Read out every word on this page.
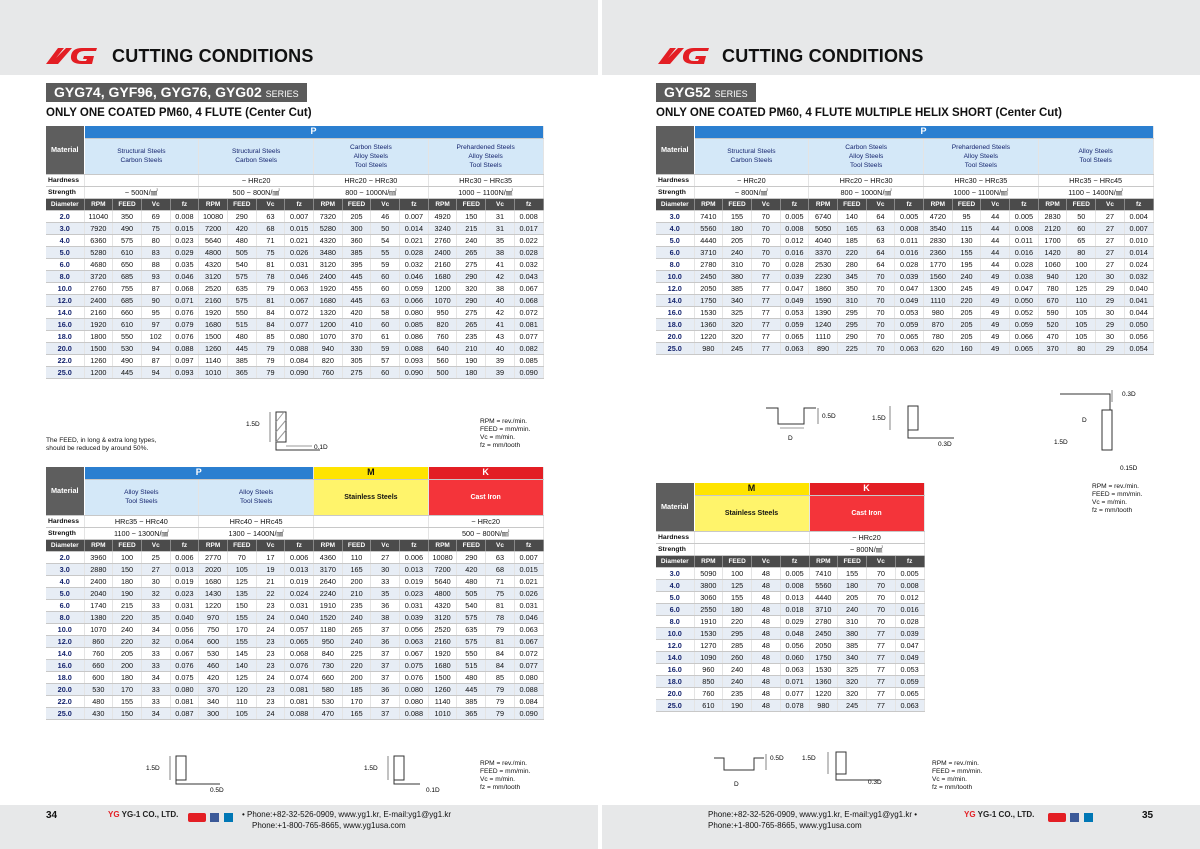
CUTTING CONDITIONS	CUTTING CONDITIONS
GYG74, GYF96, GYG76, GYG02 SERIES
ONLY ONE COATED PM60, 4 FLUTE (Center Cut)
Material	P															
	Structural Steels
Carbon Steels				Structural Steels
Carbon Steels				Carbon Steels
Alloy Steels
Tool Steels				Prehardened Steels
Alloy Steels
Tool Steels			
Hardness					~ HRc20				HRc20 ~ HRc30				HRc30 ~ HRc35			
Strength	~ 500N/㎟				500 ~ 800N/㎟				800 ~ 1000N/㎟				1000 ~ 1100N/㎟			
Diameter	RPM	FEED	Vc	fz	RPM	FEED	Vc	fz	RPM	FEED	Vc	fz	RPM	FEED	Vc	fz
2.0	11040	350	69	0.008	10080	290	63	0.007	7320	205	46	0.007	4920	150	31	0.008
3.0	7920	490	75	0.015	7200	420	68	0.015	5280	300	50	0.014	3240	215	31	0.017
4.0	6360	575	80	0.023	5640	480	71	0.021	4320	360	54	0.021	2760	240	35	0.022
5.0	5280	610	83	0.029	4800	505	75	0.026	3480	385	55	0.028	2400	265	38	0.028
6.0	4680	650	88	0.035	4320	540	81	0.031	3120	395	59	0.032	2160	275	41	0.032
8.0	3720	685	93	0.046	3120	575	78	0.046	2400	445	60	0.046	1680	290	42	0.043
10.0	2760	755	87	0.068	2520	635	79	0.063	1920	455	60	0.059	1200	320	38	0.067
12.0	2400	685	90	0.071	2160	575	81	0.067	1680	445	63	0.066	1070	290	40	0.068
14.0	2160	660	95	0.076	1920	550	84	0.072	1320	420	58	0.080	950	275	42	0.072
16.0	1920	610	97	0.079	1680	515	84	0.077	1200	410	60	0.085	820	265	41	0.081
18.0	1800	550	102	0.076	1500	480	85	0.080	1070	370	61	0.086	760	235	43	0.077
20.0	1500	530	94	0.088	1260	445	79	0.088	940	330	59	0.088	640	210	40	0.082
22.0	1260	490	87	0.097	1140	385	79	0.084	820	305	57	0.093	560	190	39	0.085
25.0	1200	445	94	0.093	1010	365	79	0.090	760	275	60	0.090	500	180	39	0.090
The FEED, in long & extra long types,
should be reduced by around 50%.
RPM = rev./min.
FEED = mm/min.
Vc = m/min.
fz = mm/tooth
1.5D
0.1D
Material	P								M				K			
	Alloy Steels
Tool Steels				Alloy Steels
Tool Steels				Stainless Steels				Cast Iron			
Hardness	HRc35 ~ HRc40				HRc40 ~ HRc45								~ HRc20			
Strength	1100 ~ 1300N/㎟				1300 ~ 1400N/㎟								500 ~ 800N/㎟			
Diameter	RPM	FEED	Vc	fz	RPM	FEED	Vc	fz	RPM	FEED	Vc	fz	RPM	FEED	Vc	fz
2.0	3960	100	25	0.006	2770	70	17	0.006	4360	110	27	0.006	10080	290	63	0.007
3.0	2880	150	27	0.013	2020	105	19	0.013	3170	165	30	0.013	7200	420	68	0.015
4.0	2400	180	30	0.019	1680	125	21	0.019	2640	200	33	0.019	5640	480	71	0.021
5.0	2040	190	32	0.023	1430	135	22	0.024	2240	210	35	0.023	4800	505	75	0.026
6.0	1740	215	33	0.031	1220	150	23	0.031	1910	235	36	0.031	4320	540	81	0.031
8.0	1380	220	35	0.040	970	155	24	0.040	1520	240	38	0.039	3120	575	78	0.046
10.0	1070	240	34	0.056	750	170	24	0.057	1180	265	37	0.056	2520	635	79	0.063
12.0	860	220	32	0.064	600	155	23	0.065	950	240	36	0.063	2160	575	81	0.067
14.0	760	205	33	0.067	530	145	23	0.068	840	225	37	0.067	1920	550	84	0.072
16.0	660	200	33	0.076	460	140	23	0.076	730	220	37	0.075	1680	515	84	0.077
18.0	600	180	34	0.075	420	125	24	0.074	660	200	37	0.076	1500	480	85	0.080
20.0	530	170	33	0.080	370	120	23	0.081	580	185	36	0.080	1260	445	79	0.088
22.0	480	155	33	0.081	340	110	23	0.081	530	170	37	0.080	1140	385	79	0.084
25.0	430	150	34	0.087	300	105	24	0.088	470	165	37	0.088	1010	365	79	0.090
1.5D
0.5D
1.5D
0.1D
RPM = rev./min.
FEED = mm/min.
Vc = m/min.
fz = mm/tooth
GYG52 SERIES
ONLY ONE COATED PM60, 4 FLUTE MULTIPLE HELIX SHORT (Center Cut)
Material	P															
	Structural Steels
Carbon Steels				Carbon Steels
Alloy Steels
Tool Steels				Prehardened Steels
Alloy Steels
Tool Steels				Alloy Steels
Tool Steels			
Hardness	~ HRc20				HRc20 ~ HRc30				HRc30 ~ HRc35				HRc35 ~ HRc45			
Strength	~ 800N/㎟				800 ~ 1000N/㎟				1000 ~ 1100N/㎟				1100 ~ 1400N/㎟			
Diameter	RPM	FEED	Vc	fz	RPM	FEED	Vc	fz	RPM	FEED	Vc	fz	RPM	FEED	Vc	fz
3.0	7410	155	70	0.005	6740	140	64	0.005	4720	95	44	0.005	2830	50	27	0.004
4.0	5560	180	70	0.008	5050	165	63	0.008	3540	115	44	0.008	2120	60	27	0.007
5.0	4440	205	70	0.012	4040	185	63	0.011	2830	130	44	0.011	1700	65	27	0.010
6.0	3710	240	70	0.016	3370	220	64	0.016	2360	155	44	0.016	1420	80	27	0.014
8.0	2780	310	70	0.028	2530	280	64	0.028	1770	195	44	0.028	1060	100	27	0.024
10.0	2450	380	77	0.039	2230	345	70	0.039	1560	240	49	0.038	940	120	30	0.032
12.0	2050	385	77	0.047	1860	350	70	0.047	1300	245	49	0.047	780	125	29	0.040
14.0	1750	340	77	0.049	1590	310	70	0.049	1110	220	49	0.050	670	110	29	0.041
16.0	1530	325	77	0.053	1390	295	70	0.053	980	205	49	0.052	590	105	30	0.044
18.0	1360	320	77	0.059	1240	295	70	0.059	870	205	49	0.059	520	105	29	0.050
20.0	1220	320	77	0.065	1110	290	70	0.065	780	205	49	0.066	470	105	30	0.056
25.0	980	245	77	0.063	890	225	70	0.063	620	160	49	0.065	370	80	29	0.054
0.5D
D
1.5D
0.3D
0.3D
D
1.5D
0.15D
RPM = rev./min.
FEED = mm/min.
Vc = m/min.
fz = mm/tooth
Material	M				K			
	Stainless Steels				Cast Iron			
Hardness					~ HRc20			
Strength					~ 800N/㎟			
Diameter	RPM	FEED	Vc	fz	RPM	FEED	Vc	fz
3.0	5090	100	48	0.005	7410	155	70	0.005
4.0	3800	125	48	0.008	5560	180	70	0.008
5.0	3060	155	48	0.013	4440	205	70	0.012
6.0	2550	180	48	0.018	3710	240	70	0.016
8.0	1910	220	48	0.029	2780	310	70	0.028
10.0	1530	295	48	0.048	2450	380	77	0.039
12.0	1270	285	48	0.056	2050	385	77	0.047
14.0	1090	260	48	0.060	1750	340	77	0.049
16.0	960	240	48	0.063	1530	325	77	0.053
18.0	850	240	48	0.071	1360	320	77	0.059
20.0	760	235	48	0.077	1220	320	77	0.065
25.0	610	190	48	0.078	980	245	77	0.063
0.5D
D
1.5D
0.3D
RPM = rev./min.
FEED = mm/min.
Vc = m/min.
fz = mm/tooth
34	YG YG-1 CO., LTD.
	• Phone:+82-32-526-0909, www.yg1.kr, E-mail:yg1@yg1.kr
Phone:+1-800-765-8665, www.yg1usa.com
Phone:+82-32-526-0909, www.yg1.kr, E-mail:yg1@yg1.kr •
Phone:+1-800-765-8665, www.yg1usa.com
YG YG-1 CO., LTD.
	35
